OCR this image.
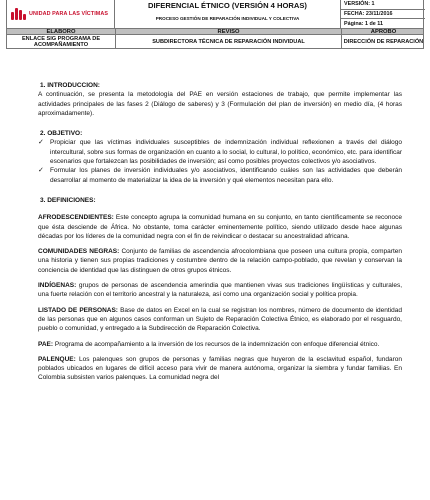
UNIDAD PARA LAS VÍCTIMAS
DIFERENCIAL ÉTNICO (VERSIÓN 4 HORAS)
PROCESO GESTIÓN DE REPARACIÓN INDIVIDUAL Y COLECTIVA
VERSIÓN: 1
FECHA: 23/11/2016
Página: 1 de 11
ELABORO	REVISO	APROBO
ENLACE SIG PROGRAMA DE ACOMPAÑAMIENTO	SUBDIRECTORA TÉCNICA DE REPARACIÓN INDIVIDUAL	DIRECCIÓN DE REPARACIÓN
1. INTRODUCCION:
A continuación, se presenta la metodología del PAE en versión estaciones de trabajo, que permite implementar las actividades principales de las fases 2 (Diálogo de saberes) y 3 (Formulación del plan de inversión) en medio día, (4 horas aproximadamente).
2. OBJETIVO:
✓ Propiciar que las víctimas individuales susceptibles de indemnización individual reflexionen a través del diálogo intercultural, sobre sus formas de organización en cuanto a lo social, lo cultural, lo político, económico, etc. para identificar escenarios que fortalezcan las posibilidades de inversión; así como posibles proyectos colectivos y/o asociativos.
✓ Formular los planes de inversión individuales y/o asociativos, identificando cuáles son las actividades que deberán desarrollar al momento de materializar la idea de la inversión y qué elementos necesitan para ello.
3. DEFINICIONES:
AFRODESCENDIENTES: Este concepto agrupa la comunidad humana en su conjunto, en tanto científicamente se reconoce que ésta desciende de África. No obstante, toma carácter eminentemente político, siendo utilizado desde hace algunas décadas por los líderes de la comunidad negra con el fin de reivindicar o destacar su ancestralidad africana.
COMUNIDADES NEGRAS: Conjunto de familias de ascendencia afrocolombiana que poseen una cultura propia, comparten una historia y tienen sus propias tradiciones y costumbre dentro de la relación campo-poblado, que revelan y conservan la conciencia de identidad que las distinguen de otros grupos étnicos.
INDÍGENAS: grupos de personas de ascendencia amerindia que mantienen vivas sus tradiciones lingüísticas y culturales, una fuerte relación con el territorio ancestral y la naturaleza, así como una organización social y política propia.
LISTADO DE PERSONAS: Base de datos en Excel en la cual se registran los nombres, número de documento de identidad de las personas que en algunos casos conforman un Sujeto de Reparación Colectiva Étnico, es elaborado por el resguardo, pueblo o comunidad, y entregado a la Subdirección de Reparación Colectiva.
PAE: Programa de acompañamiento a la inversión de los recursos de la indemnización con enfoque diferencial étnico.
PALENQUE: Los palenques son grupos de personas y familias negras que huyeron de la esclavitud español, fundaron poblados ubicados en lugares de difícil acceso para vivir de manera autónoma, organizar la siembra y fundar familias. En Colombia subsisten varios palenques. La comunidad negra del
